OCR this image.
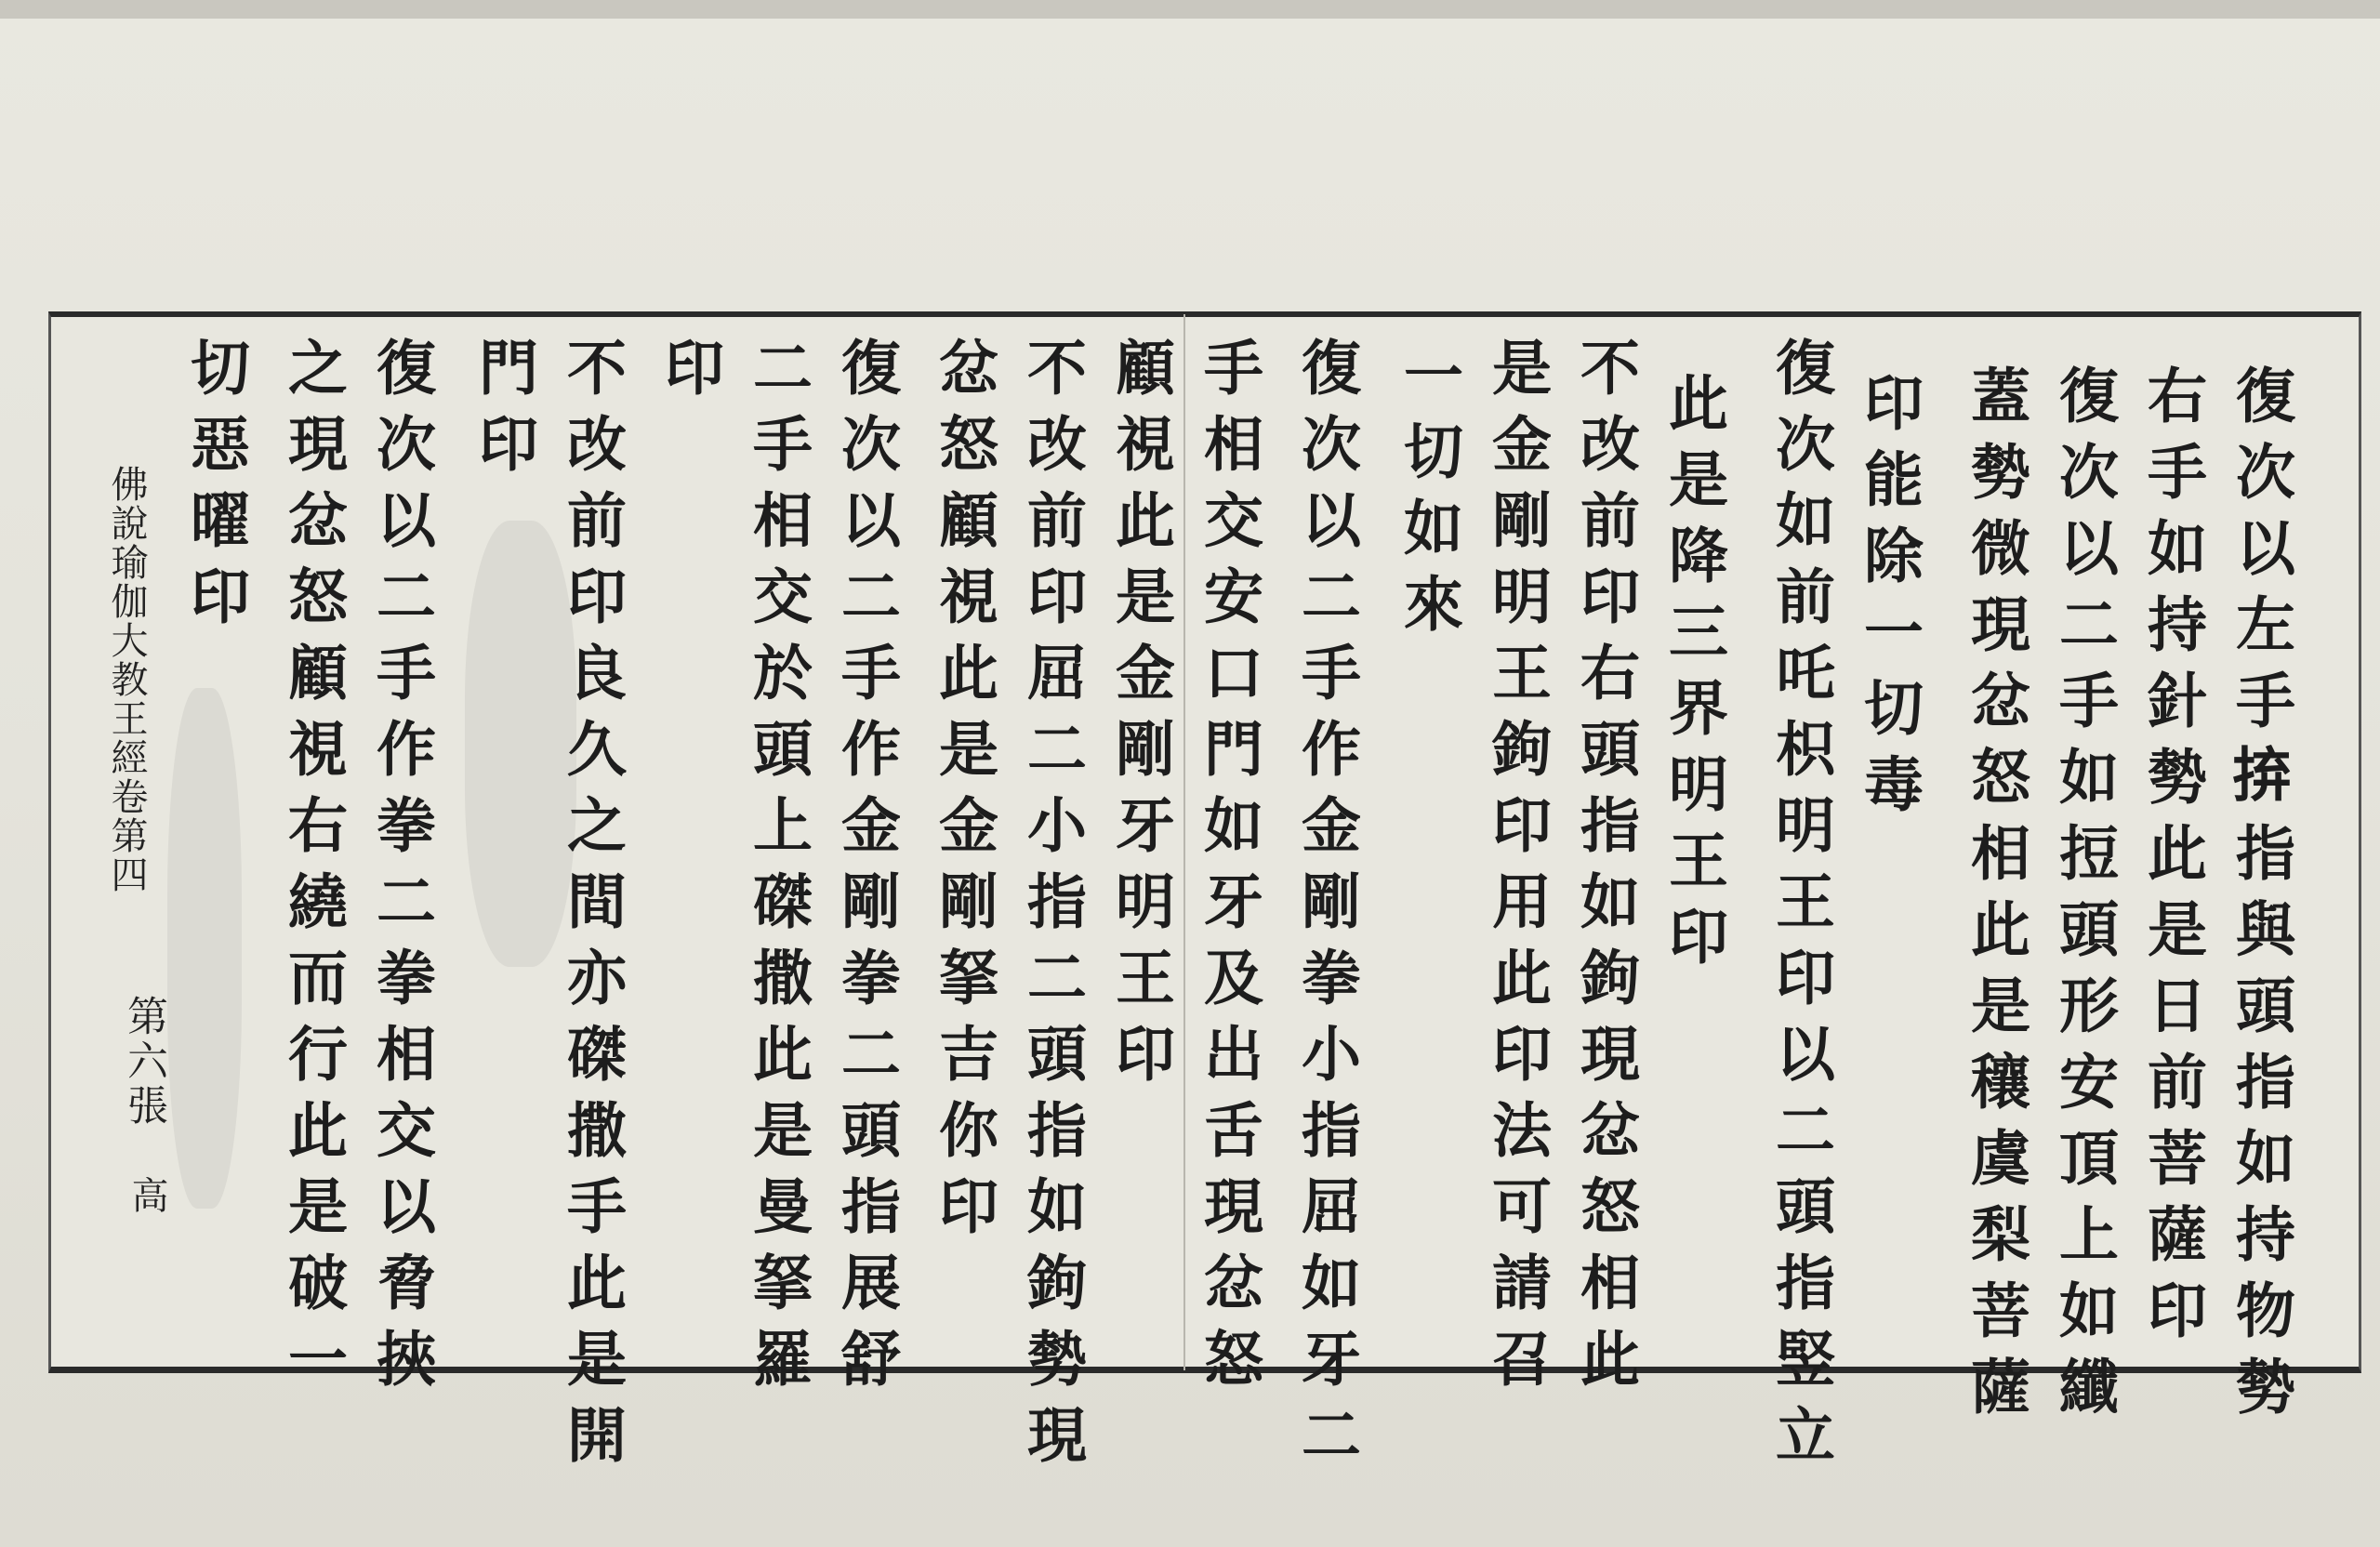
復次以左手𢬵指與頭指如持物勢
右手如持針勢此是日前菩薩印
復次以二手如𢭃頭形安頂上如纖
蓋勢微現忿怒相此是穰虞梨菩薩
印能除一切毒
復次如前吒枳明王印以二頭指竪立
此是降三界明王印
不改前印右頭指如鉤現忿怒相此
是金剛明王鉤印用此印法可請召
一切如來
復次以二手作金剛拳小指屈如牙二
手相交安口門如牙及出舌現忿怒
顧視此是金剛牙明王印
不改前印屈二小指二頭指如鉤勢現
忿怒顧視此是金剛拏吉你印
復次以二手作金剛拳二頭指展舒
二手相交於頭上磔撒此是曼拏羅
印
不改前印良久之間亦磔撒手此是開
門印
復次以二手作拳二拳相交以脅挾
之現忿怒顧視右繞而行此是破一
切惡曜印
佛說瑜伽大教王經卷第四
第六張
高
